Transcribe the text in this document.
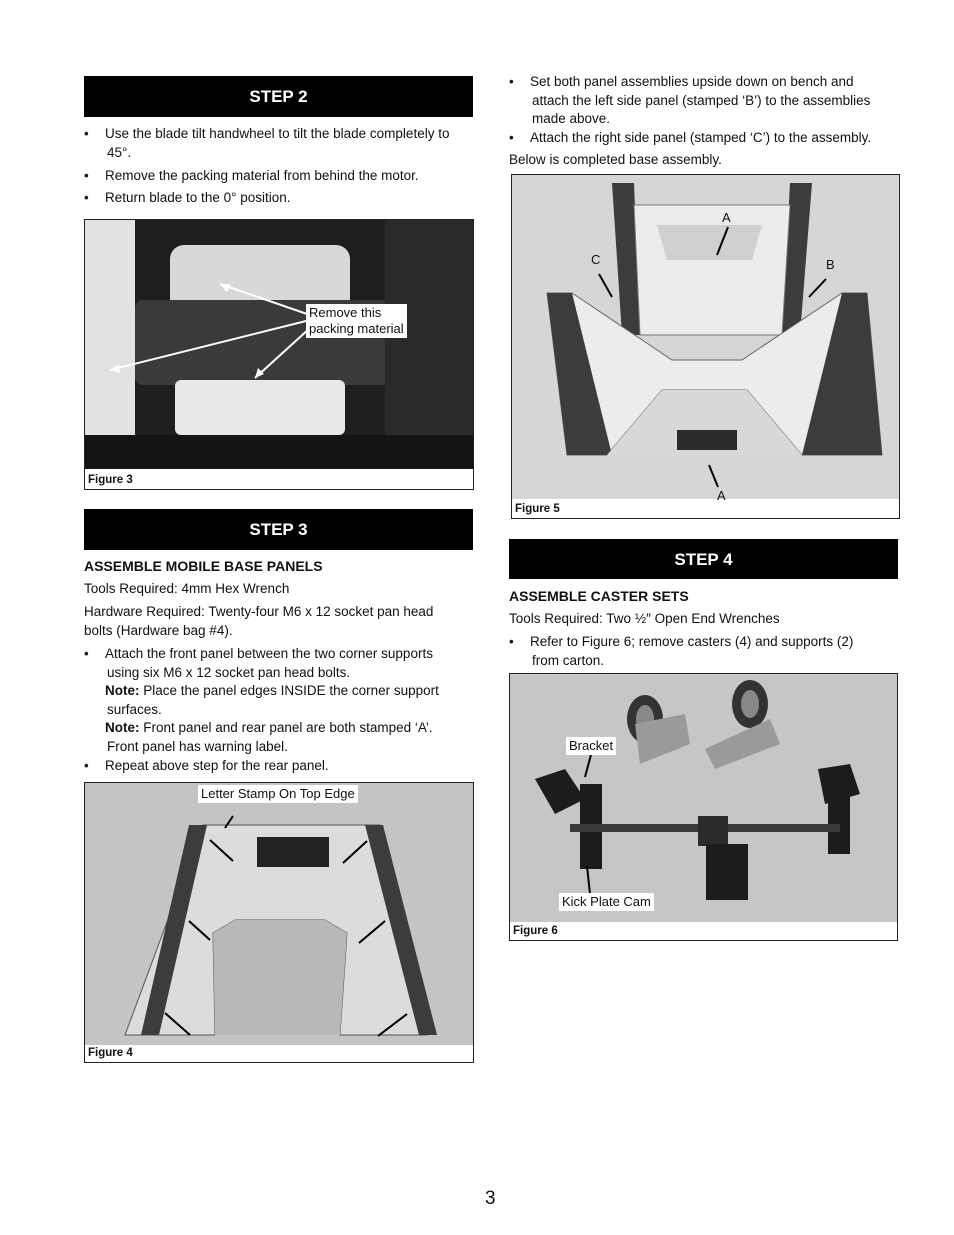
STEP 2
• Use the blade tilt handwheel to tilt the blade completely to
45°.
• Remove the packing material from behind the motor.
• Return blade to the 0° position.
Remove this
packing material
Figure 3
STEP 3
ASSEMBLE MOBILE BASE PANELS
Tools Required: 4mm Hex Wrench
Hardware Required: Twenty-four M6 x 12 socket pan head
bolts (Hardware bag #4).
• Attach the front panel between the two corner supports
using six M6 x 12 socket pan head bolts.
Note: Place the panel edges INSIDE the corner support
surfaces.
Note: Front panel and rear panel are both stamped ‘A’.
Front panel has warning label.
• Repeat above step for the rear panel.
Letter Stamp On Top Edge
Figure 4
• Set both panel assemblies upside down on bench and
attach the left side panel (stamped ‘B’) to the assemblies
made above.
• Attach the right side panel (stamped ‘C’) to the assembly.
Below is completed base assembly.
A
C	B
A
Figure 5
STEP 4
ASSEMBLE CASTER SETS
Tools Required: Two ½″ Open End Wrenches
• Refer to Figure 6; remove casters (4) and supports (2)
from carton.
Bracket
Kick Plate Cam
Figure 6
3
